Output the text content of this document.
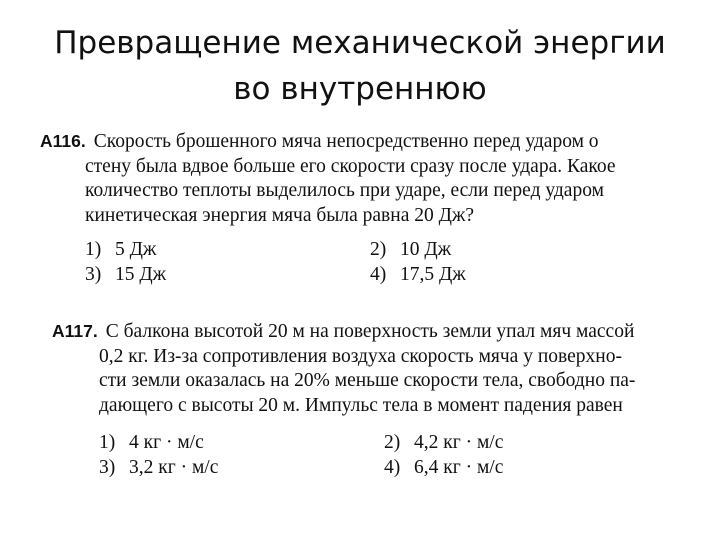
Превращение механической энергии
во внутреннюю
А116. Скорость брошенного мяча непосредственно перед ударом о
стену была вдвое больше его скорости сразу после удара. Какое
количество теплоты выделилось при ударе, если перед ударом
кинетическая энергия мяча была равна 20 Дж?
1) 5 Дж	2) 10 Дж
3) 15 Дж	4) 17,5 Дж
А117. С балкона высотой 20 м на поверхность земли упал мяч массой
0,2 кг. Из-за сопротивления воздуха скорость мяча у поверхно-
сти земли оказалась на 20% меньше скорости тела, свободно па-
дающего с высоты 20 м. Импульс тела в момент падения равен
1) 4 кг · м/с	2) 4,2 кг · м/с
3) 3,2 кг · м/с	4) 6,4 кг · м/с
